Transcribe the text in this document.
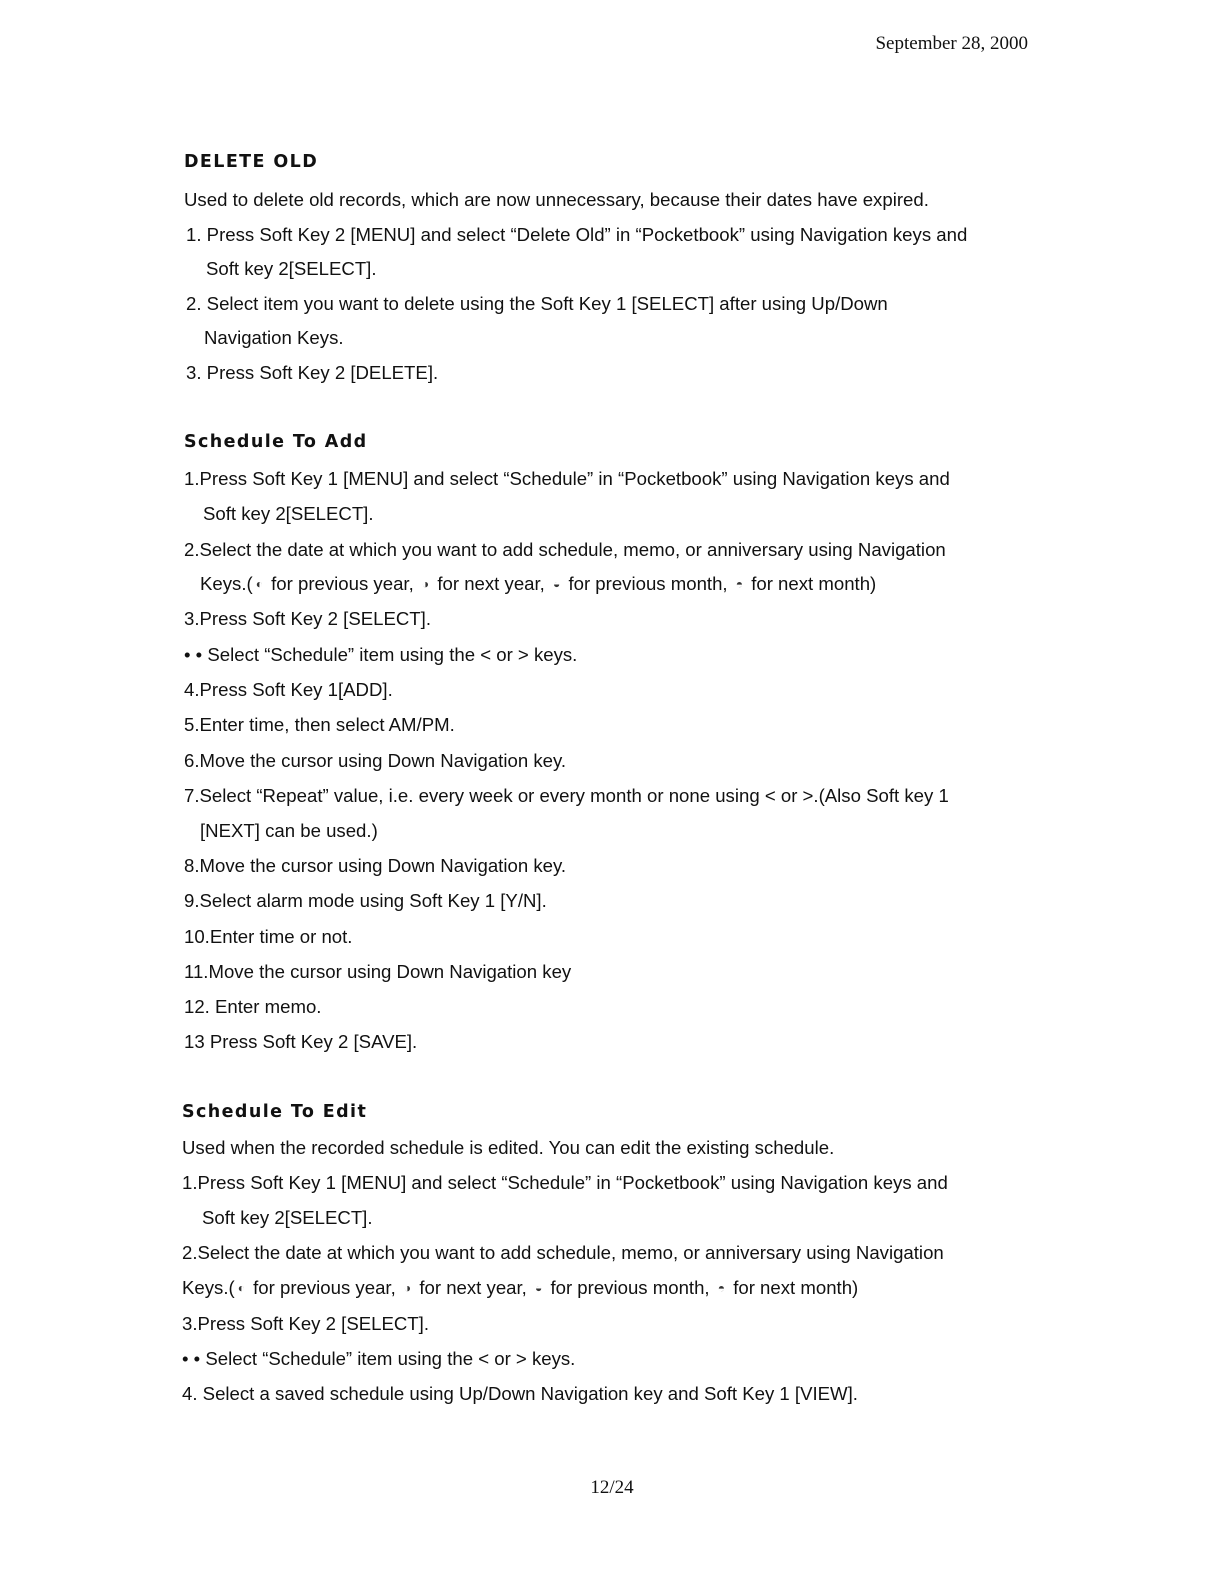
September 28, 2000
DELETE OLD
Used to delete old records, which are now unnecessary, because their dates have expired.
1. Press Soft Key 2 [MENU] and select “Delete Old” in “Pocketbook” using Navigation keys and
Soft key 2[SELECT].
2. Select item you want to delete using the Soft Key 1 [SELECT] after using Up/Down
Navigation Keys.
3. Press Soft Key 2 [DELETE].
Schedule To Add
1.Press Soft Key 1 [MENU] and select “Schedule” in “Pocketbook” using Navigation keys and
Soft key 2[SELECT].
2.Select the date at which you want to add schedule, memo, or anniversary using Navigation
Keys.( ◐ for previous year, ◑ for next year, ◒ for previous month, ◓ for next month)
3.Press Soft Key 2 [SELECT].
• • Select “Schedule” item using the < or > keys.
4.Press Soft Key 1[ADD].
5.Enter time, then select AM/PM.
6.Move the cursor using Down Navigation key.
7.Select “Repeat” value, i.e. every week or every month or none using < or >.(Also Soft key 1
[NEXT] can be used.)
8.Move the cursor using Down Navigation key.
9.Select alarm mode using Soft Key 1 [Y/N].
10.Enter time or not.
11.Move the cursor using Down Navigation key
12. Enter memo.
13 Press Soft Key 2 [SAVE].
Schedule To Edit
Used when the recorded schedule is edited. You can edit the existing schedule.
1.Press Soft Key 1 [MENU] and select “Schedule” in “Pocketbook” using Navigation keys and
Soft key 2[SELECT].
2.Select the date at which you want to add schedule, memo, or anniversary using Navigation
Keys.( ◐ for previous year, ◑ for next year, ◒ for previous month, ◓ for next month)
3.Press Soft Key 2 [SELECT].
• • Select “Schedule” item using the < or > keys.
4. Select a saved schedule using Up/Down Navigation key and Soft Key 1 [VIEW].
12/24
